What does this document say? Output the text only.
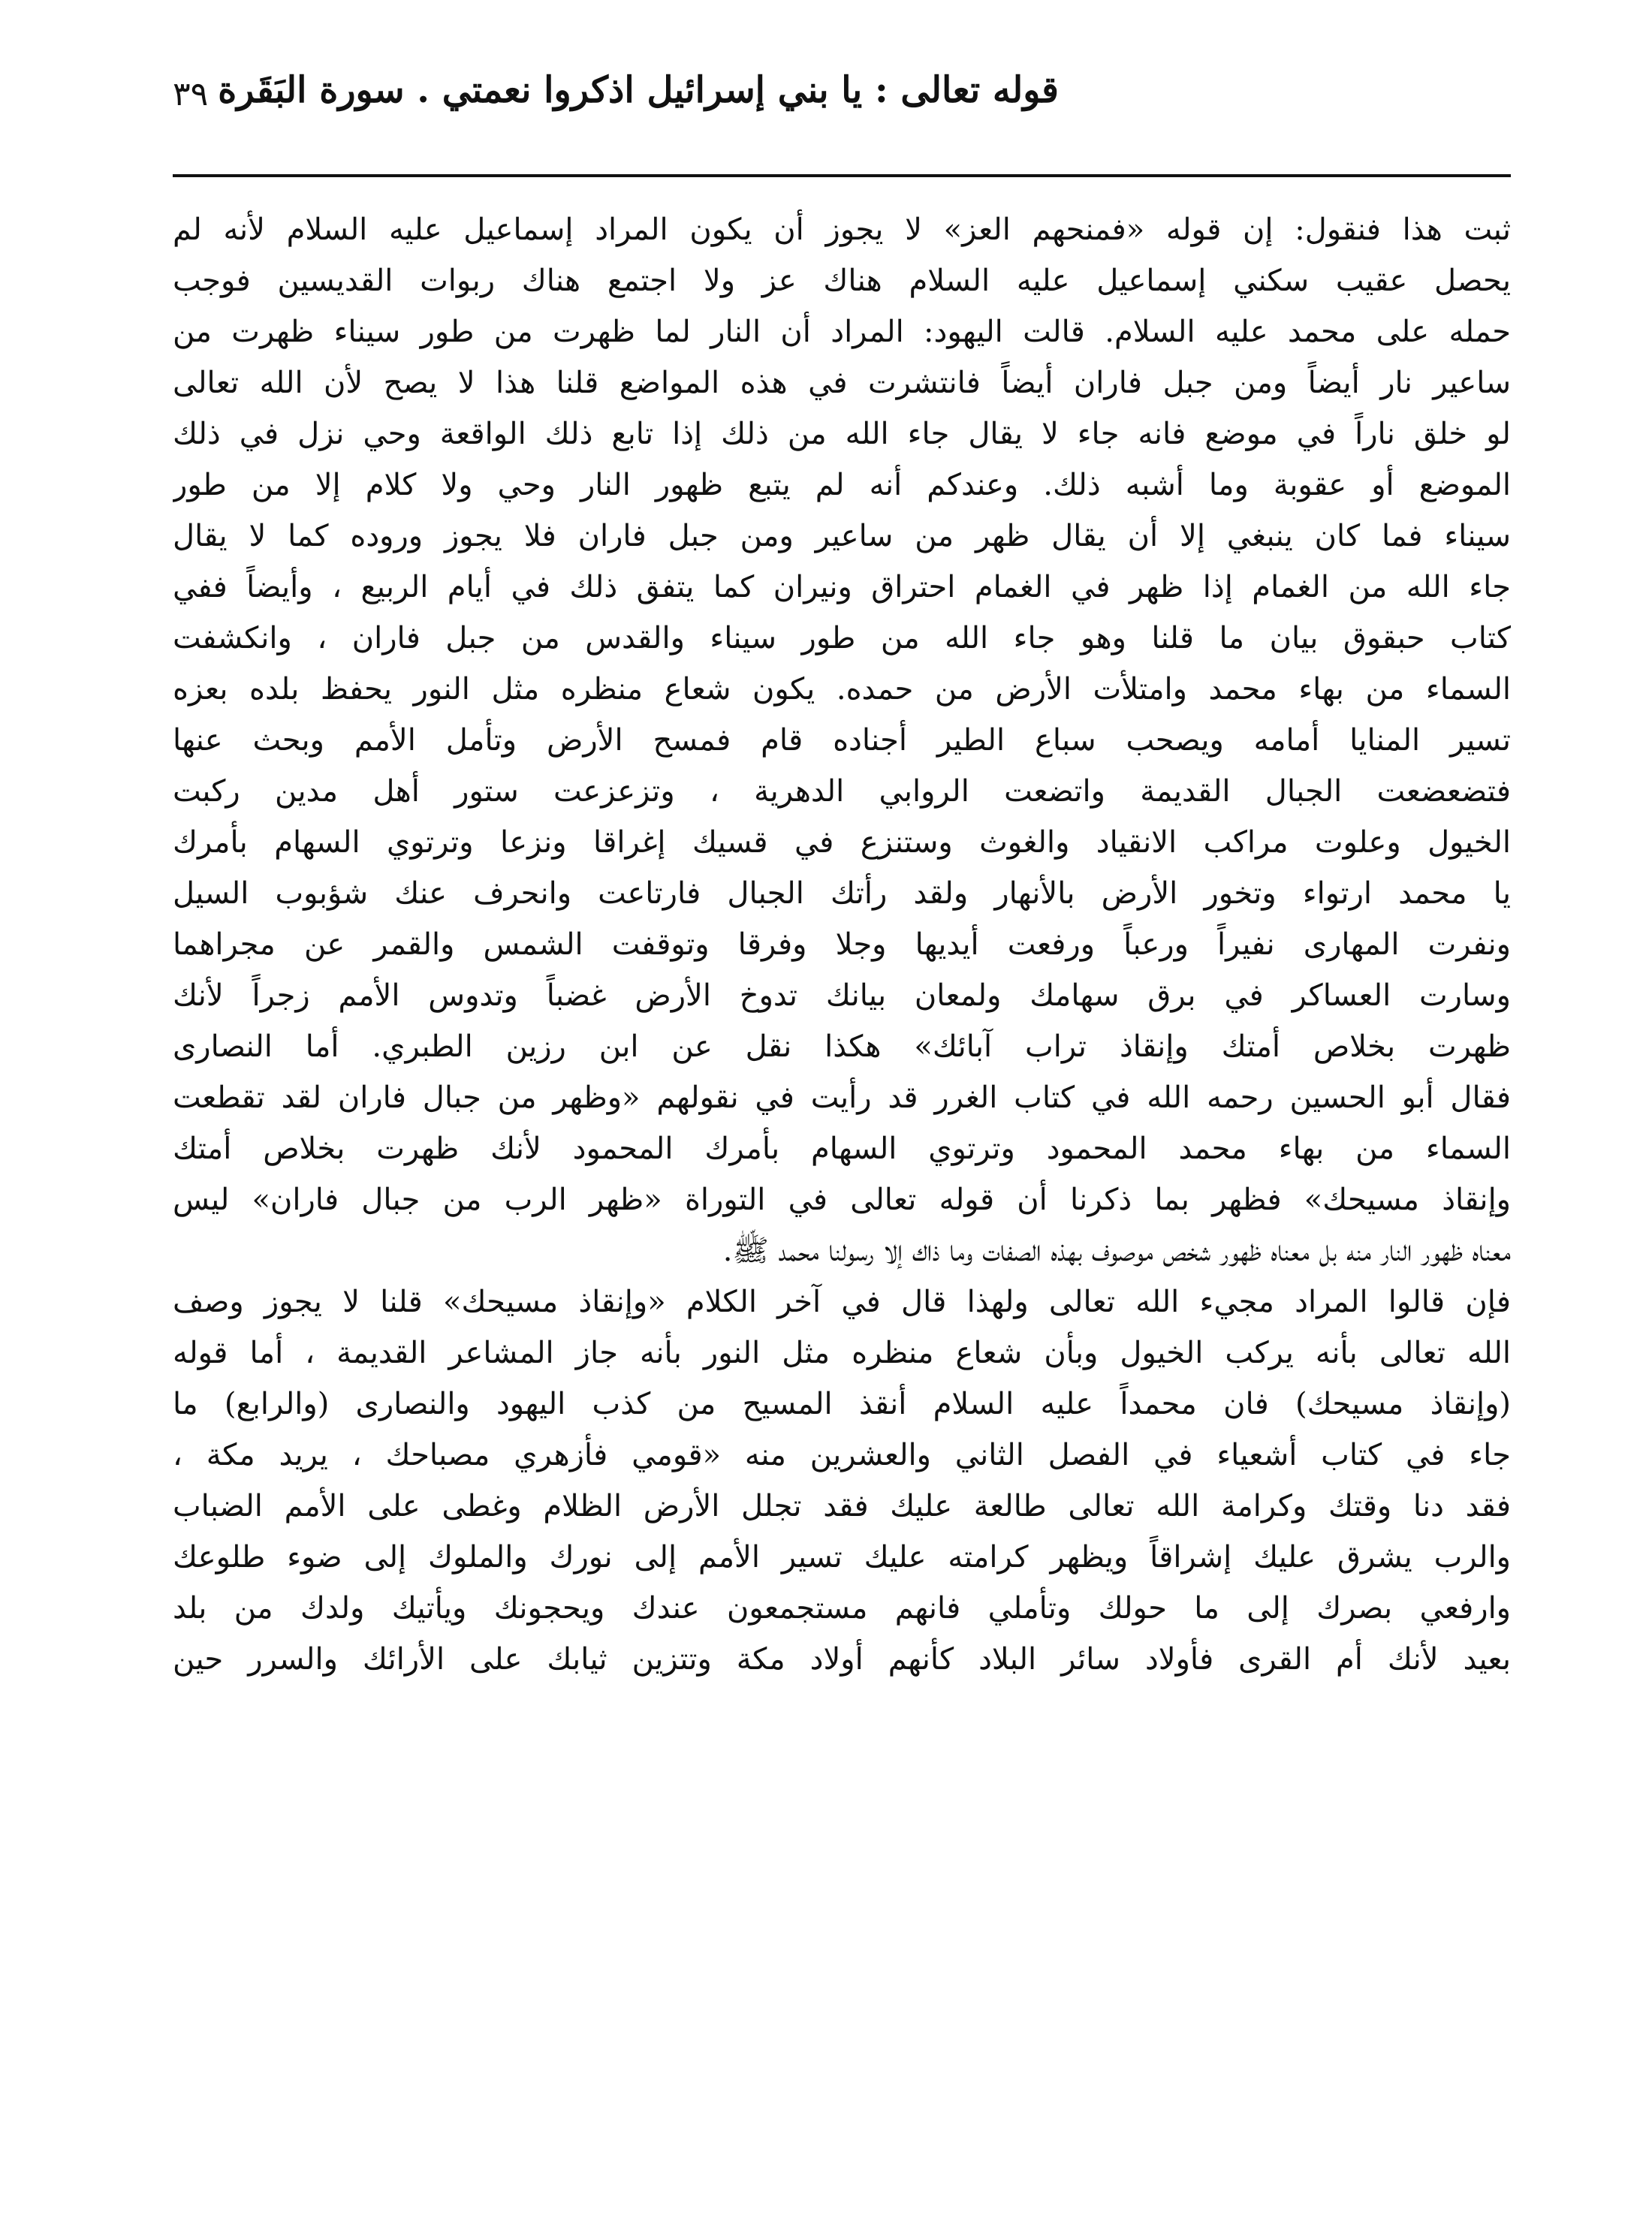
قوله تعالى : يا بني إسرائيل اذكروا نعمتي . سورة البَقَرة
٣٩
ثبت هذا فنقول: إن قوله «فمنحهم العز» لا يجوز أن يكون المراد إسماعيل عليه السلام لأنه لم
يحصل عقيب سكني إسماعيل عليه السلام هناك عز ولا اجتمع هناك ربوات القديسين فوجب
حمله على محمد عليه السلام. قالت اليهود: المراد أن النار لما ظهرت من طور سيناء ظهرت من
ساعير نار أيضاً ومن جبل فاران أيضاً فانتشرت في هذه المواضع قلنا هذا لا يصح لأن الله تعالى
لو خلق ناراً في موضع فانه جاء لا يقال جاء الله من ذلك إذا تابع ذلك الواقعة وحي نزل في ذلك
الموضع أو عقوبة وما أشبه ذلك. وعندكم أنه لم يتبع ظهور النار وحي ولا كلام إلا من طور
سيناء فما كان ينبغي إلا أن يقال ظهر من ساعير ومن جبل فاران فلا يجوز وروده كما لا يقال
جاء الله من الغمام إذا ظهر في الغمام احتراق ونيران كما يتفق ذلك في أيام الربيع ، وأيضاً ففي
كتاب حبقوق بيان ما قلنا وهو جاء الله من طور سيناء والقدس من جبل فاران ، وانكشفت
السماء من بهاء محمد وامتلأت الأرض من حمده. يكون شعاع منظره مثل النور يحفظ بلده بعزه
تسير المنايا أمامه ويصحب سباع الطير أجناده قام فمسح الأرض وتأمل الأمم وبحث عنها
فتضعضعت الجبال القديمة واتضعت الروابي الدهرية ، وتزعزعت ستور أهل مدين ركبت
الخيول وعلوت مراكب الانقياد والغوث وستنزع في قسيك إغراقا ونزعا وترتوي السهام بأمرك
يا محمد ارتواء وتخور الأرض بالأنهار ولقد رأتك الجبال فارتاعت وانحرف عنك شؤبوب السيل
ونفرت المهارى نفيراً ورعباً ورفعت أيديها وجلا وفرقا وتوقفت الشمس والقمر عن مجراهما
وسارت العساكر في برق سهامك ولمعان بيانك تدوخ الأرض غضباً وتدوس الأمم زجراً لأنك
ظهرت بخلاص أمتك وإنقاذ تراب آبائك» هكذا نقل عن ابن رزين الطبري. أما النصارى
فقال أبو الحسين رحمه الله في كتاب الغرر قد رأيت في نقولهم «وظهر من جبال فاران لقد تقطعت
السماء من بهاء محمد المحمود وترتوي السهام بأمرك المحمود لأنك ظهرت بخلاص أمتك
وإنقاذ مسيحك» فظهر بما ذكرنا أن قوله تعالى في التوراة «ظهر الرب من جبال فاران» ليس
معناه ظهور النار منه بل معناه ظهور شخص موصوف بهذه الصفات وما ذاك إلا رسولنا محمد ﷺ.
فإن قالوا المراد مجيء الله تعالى ولهذا قال في آخر الكلام «وإنقاذ مسيحك» قلنا لا يجوز وصف
الله تعالى بأنه يركب الخيول وبأن شعاع منظره مثل النور بأنه جاز المشاعر القديمة ، أما قوله
(وإنقاذ مسيحك) فان محمداً عليه السلام أنقذ المسيح من كذب اليهود والنصارى (والرابع) ما
جاء في كتاب أشعياء في الفصل الثاني والعشرين منه «قومي فأزهري مصباحك ، يريد مكة ،
فقد دنا وقتك وكرامة الله تعالى طالعة عليك فقد تجلل الأرض الظلام وغطى على الأمم الضباب
والرب يشرق عليك إشراقاً ويظهر كرامته عليك تسير الأمم إلى نورك والملوك إلى ضوء طلوعك
وارفعي بصرك إلى ما حولك وتأملي فانهم مستجمعون عندك ويحجونك ويأتيك ولدك من بلد
بعيد لأنك أم القرى فأولاد سائر البلاد كأنهم أولاد مكة وتتزين ثيابك على الأرائك والسرر حين
